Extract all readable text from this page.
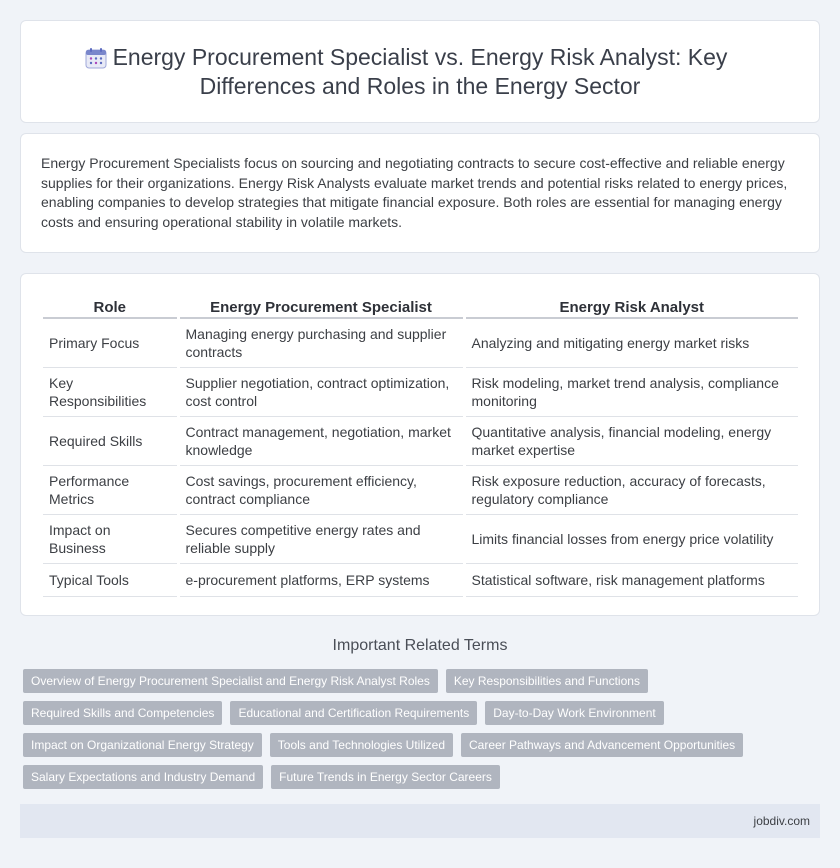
Energy Procurement Specialist vs. Energy Risk Analyst: Key Differences and Roles in the Energy Sector

Energy Procurement Specialists focus on sourcing and negotiating contracts to secure cost-effective and reliable energy supplies for their organizations. Energy Risk Analysts evaluate market trends and potential risks related to energy prices, enabling companies to develop strategies that mitigate financial exposure. Both roles are essential for managing energy costs and ensuring operational stability in volatile markets.

Role	Energy Procurement Specialist	Energy Risk Analyst
Primary Focus	Managing energy purchasing and supplier contracts	Analyzing and mitigating energy market risks
Key Responsibilities	Supplier negotiation, contract optimization, cost control	Risk modeling, market trend analysis, compliance monitoring
Required Skills	Contract management, negotiation, market knowledge	Quantitative analysis, financial modeling, energy market expertise
Performance Metrics	Cost savings, procurement efficiency, contract compliance	Risk exposure reduction, accuracy of forecasts, regulatory compliance
Impact on Business	Secures competitive energy rates and reliable supply	Limits financial losses from energy price volatility
Typical Tools	e-procurement platforms, ERP systems	Statistical software, risk management platforms
Important Related Terms
Overview of Energy Procurement Specialist and Energy Risk Analyst Roles	Key Responsibilities and Functions
Required Skills and Competencies	Educational and Certification Requirements	Day-to-Day Work Environment
Impact on Organizational Energy Strategy	Tools and Technologies Utilized	Career Pathways and Advancement Opportunities
Salary Expectations and Industry Demand	Future Trends in Energy Sector Careers
jobdiv.com
